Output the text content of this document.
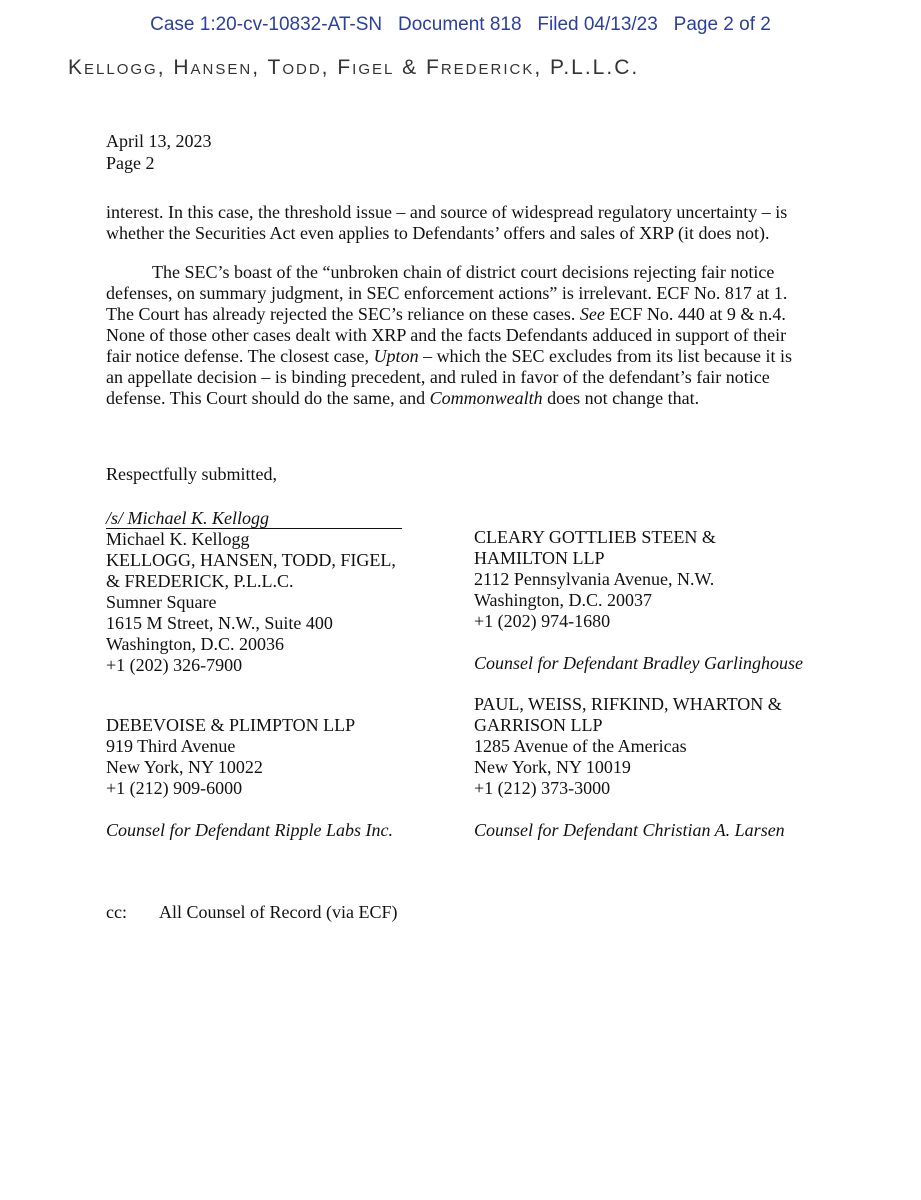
Case 1:20-cv-10832-AT-SN Document 818 Filed 04/13/23 Page 2 of 2
Kellogg, Hansen, Todd, Figel & Frederick, P.L.L.C.
April 13, 2023
Page 2
interest. In this case, the threshold issue – and source of widespread regulatory uncertainty – is
whether the Securities Act even applies to Defendants’ offers and sales of XRP (it does not).
The SEC’s boast of the “unbroken chain of district court decisions rejecting fair notice
defenses, on summary judgment, in SEC enforcement actions” is irrelevant. ECF No. 817 at 1.
The Court has already rejected the SEC’s reliance on these cases. See ECF No. 440 at 9 & n.4.
None of those other cases dealt with XRP and the facts Defendants adduced in support of their
fair notice defense. The closest case, Upton – which the SEC excludes from its list because it is
an appellate decision – is binding precedent, and ruled in favor of the defendant’s fair notice
defense. This Court should do the same, and Commonwealth does not change that.
Respectfully submitted,
/s/ Michael K. Kellogg
Michael K. Kellogg
KELLOGG, HANSEN, TODD, FIGEL,
& FREDERICK, P.L.L.C.
Sumner Square
1615 M Street, N.W., Suite 400
Washington, D.C. 20036
+1 (202) 326-7900
CLEARY GOTTLIEB STEEN &
HAMILTON LLP
2112 Pennsylvania Avenue, N.W.
Washington, D.C. 20037
+1 (202) 974-1680
Counsel for Defendant Bradley Garlinghouse
DEBEVOISE & PLIMPTON LLP
919 Third Avenue
New York, NY 10022
+1 (212) 909-6000
Counsel for Defendant Ripple Labs Inc.
PAUL, WEISS, RIFKIND, WHARTON &
GARRISON LLP
1285 Avenue of the Americas
New York, NY 10019
+1 (212) 373-3000
Counsel for Defendant Christian A. Larsen
cc: All Counsel of Record (via ECF)
